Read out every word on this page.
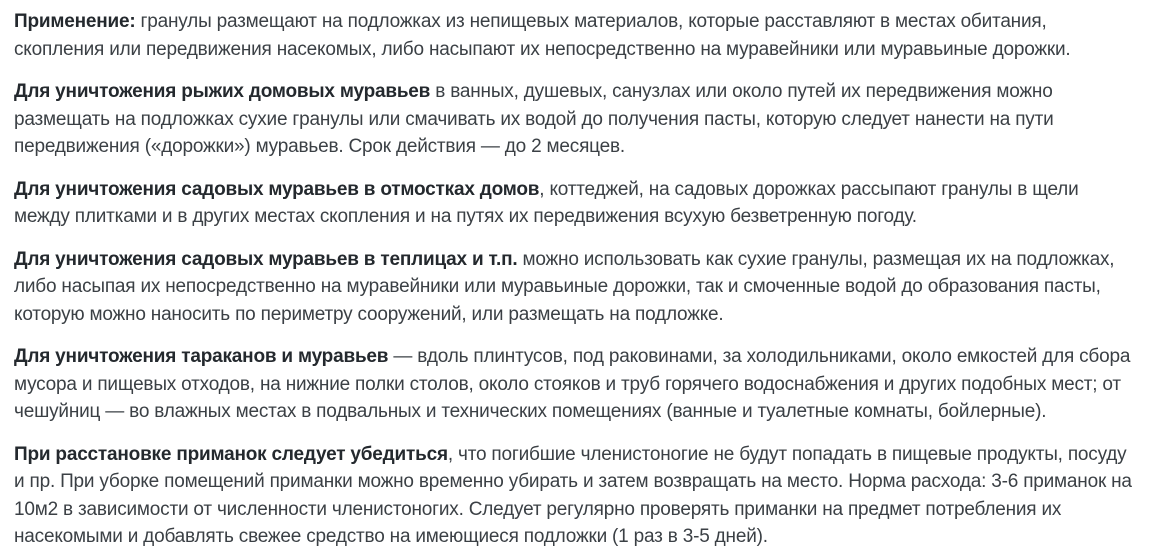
Применение: гранулы размещают на подложках из непищевых материалов, которые расставляют в местах обитания, скопления или передвижения насекомых, либо насыпают их непосредственно на муравейники или муравьиные дорожки.

Для уничтожения рыжих домовых муравьев в ванных, душевых, санузлах или около путей их передвижения можно размещать на подложках сухие гранулы или смачивать их водой до получения пасты, которую следует нанести на пути передвижения («дорожки») муравьев. Срок действия — до 2 месяцев.

Для уничтожения садовых муравьев в отмостках домов, коттеджей, на садовых дорожках рассыпают гранулы в щели между плитками и в других местах скопления и на путях их передвижения всухую безветренную погоду.

Для уничтожения садовых муравьев в теплицах и т.п. можно использовать как сухие гранулы, размещая их на подложках, либо насыпая их непосредственно на муравейники или муравьиные дорожки, так и смоченные водой до образования пасты, которую можно наносить по периметру сооружений, или размещать на подложке.

Для уничтожения тараканов и муравьев — вдоль плинтусов, под раковинами, за холодильниками, около емкостей для сбора мусора и пищевых отходов, на нижние полки столов, около стояков и труб горячего водоснабжения и других подобных мест; от чешуйниц — во влажных местах в подвальных и технических помещениях (ванные и туалетные комнаты, бойлерные).

При расстановке приманок следует убедиться, что погибшие членистоногие не будут попадать в пищевые продукты, посуду и пр. При уборке помещений приманки можно временно убирать и затем возвращать на место. Норма расхода: 3-6 приманок на 10м2 в зависимости от численности членистоногих. Следует регулярно проверять приманки на предмет потребления их насекомыми и добавлять свежее средство на имеющиеся подложки (1 раз в 3-5 дней).
